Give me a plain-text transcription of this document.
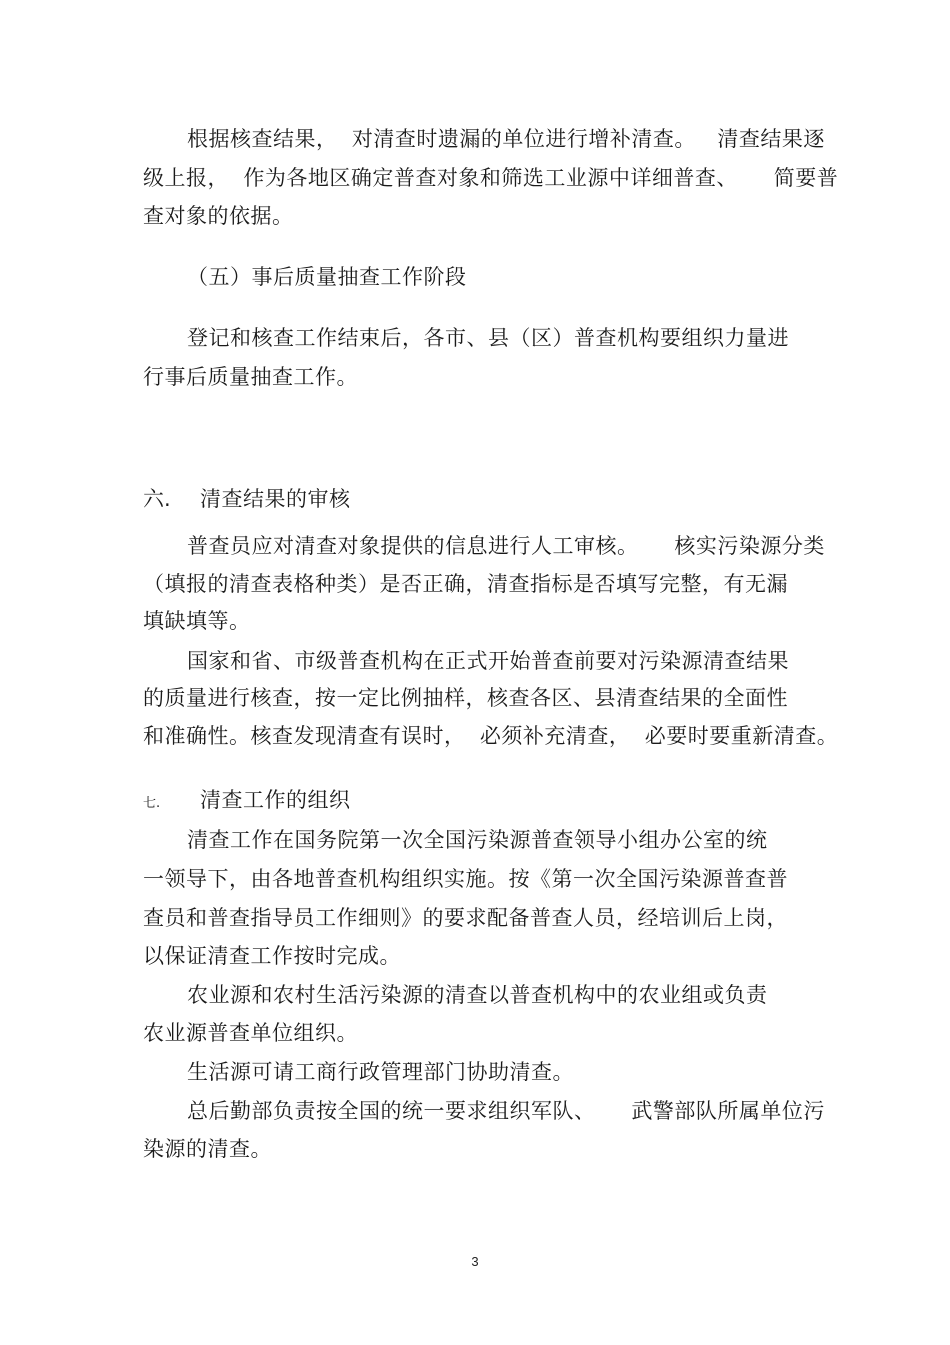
根据核查结果，  对清查时遗漏的单位进行增补清查。   清查结果逐
级上报，  作为各地区确定普查对象和筛选工业源中详细普查、     简要普
查对象的依据。
（五）事后质量抽查工作阶段
登记和核查工作结束后，各市、县（区）普查机构要组织力量进
行事后质量抽查工作。
六. 清查结果的审核
普查员应对清查对象提供的信息进行人工审核。     核实污染源分类
（填报的清查表格种类）是否正确，清查指标是否填写完整，有无漏
填缺填等。
国家和省、市级普查机构在正式开始普查前要对污染源清查结果
的质量进行核查，按一定比例抽样，核查各区、县清查结果的全面性
和准确性。核查发现清查有误时，  必须补充清查，  必要时要重新清查。
七. 清查工作的组织
清查工作在国务院第一次全国污染源普查领导小组办公室的统
一领导下，由各地普查机构组织实施。按《第一次全国污染源普查普
查员和普查指导员工作细则》的要求配备普查人员，经培训后上岗，
以保证清查工作按时完成。
农业源和农村生活污染源的清查以普查机构中的农业组或负责
农业源普查单位组织。
生活源可请工商行政管理部门协助清查。
总后勤部负责按全国的统一要求组织军队、     武警部队所属单位污
染源的清查。
3
